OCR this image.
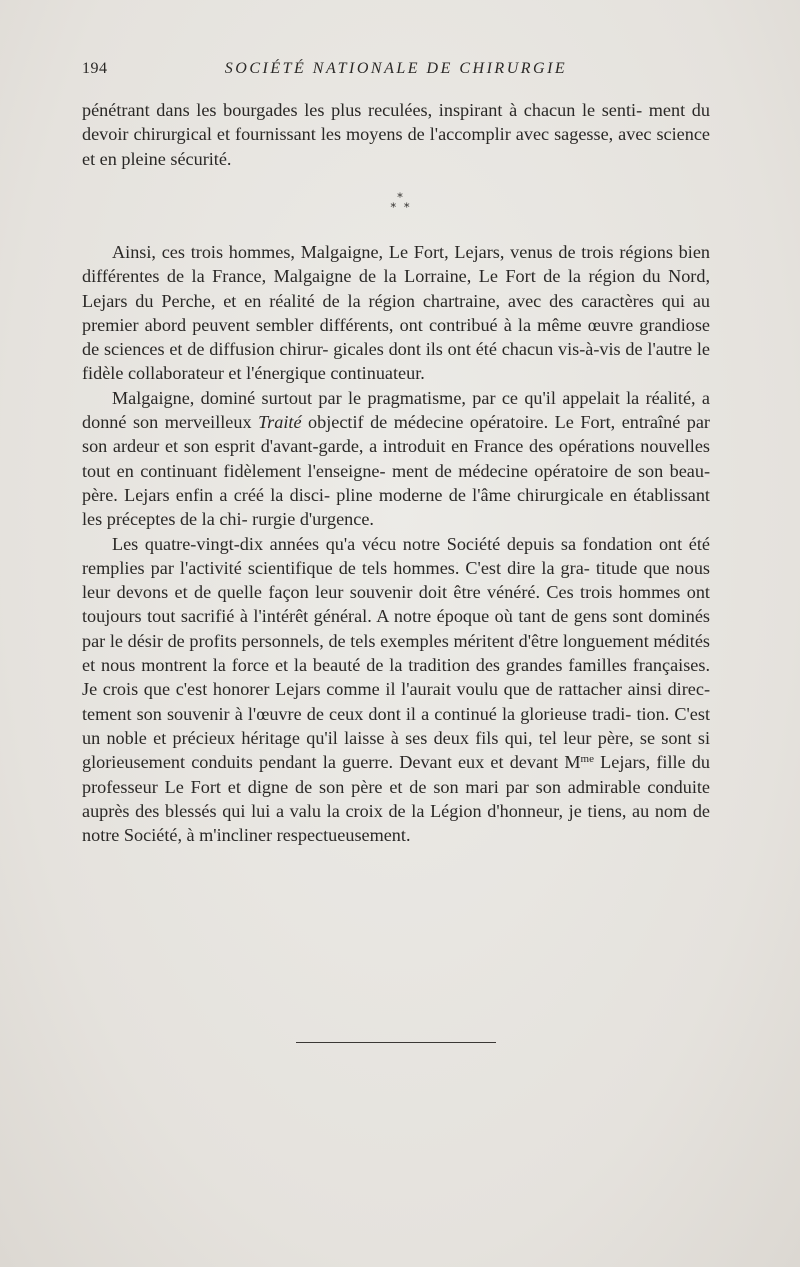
194	SOCIÉTÉ NATIONALE DE CHIRURGIE

pénétrant dans les bourgades les plus reculées, inspirant à chacun le senti- ment du devoir chirurgical et fournissant les moyens de l'accomplir avec sagesse, avec science et en pleine sécurité.

*
* *

Ainsi, ces trois hommes, Malgaigne, Le Fort, Lejars, venus de trois régions bien différentes de la France, Malgaigne de la Lorraine, Le Fort de la région du Nord, Lejars du Perche, et en réalité de la région chartraine, avec des caractères qui au premier abord peuvent sembler différents, ont contribué à la même œuvre grandiose de sciences et de diffusion chirur- gicales dont ils ont été chacun vis-à-vis de l'autre le fidèle collaborateur et l'énergique continuateur.

Malgaigne, dominé surtout par le pragmatisme, par ce qu'il appelait la réalité, a donné son merveilleux Traité objectif de médecine opératoire. Le Fort, entraîné par son ardeur et son esprit d'avant-garde, a introduit en France des opérations nouvelles tout en continuant fidèlement l'enseigne- ment de médecine opératoire de son beau-père. Lejars enfin a créé la disci- pline moderne de l'âme chirurgicale en établissant les préceptes de la chi- rurgie d'urgence.

Les quatre-vingt-dix années qu'a vécu notre Société depuis sa fondation ont été remplies par l'activité scientifique de tels hommes. C'est dire la gra- titude que nous leur devons et de quelle façon leur souvenir doit être vénéré. Ces trois hommes ont toujours tout sacrifié à l'intérêt général. A notre époque où tant de gens sont dominés par le désir de profits personnels, de tels exemples méritent d'être longuement médités et nous montrent la force et la beauté de la tradition des grandes familles françaises. Je crois que c'est honorer Lejars comme il l'aurait voulu que de rattacher ainsi direc- tement son souvenir à l'œuvre de ceux dont il a continué la glorieuse tradi- tion. C'est un noble et précieux héritage qu'il laisse à ses deux fils qui, tel leur père, se sont si glorieusement conduits pendant la guerre. Devant eux et devant $M^{me}$ Lejars, fille du professeur Le Fort et digne de son père et de son mari par son admirable conduite auprès des blessés qui lui a valu la croix de la Légion d'honneur, je tiens, au nom de notre Société, à m'incliner respectueusement.
